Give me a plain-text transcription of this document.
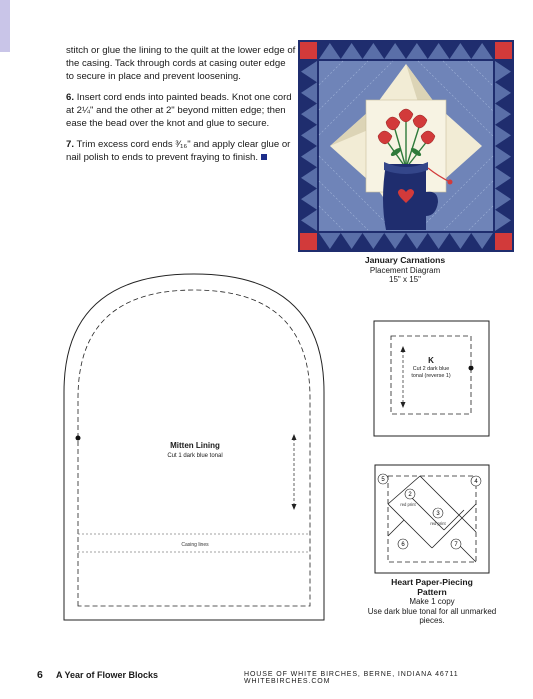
stitch or glue the lining to the quilt at the lower edge of the casing. Tack through cords at casing outer edge to secure in place and prevent loosening.

6. Insert cord ends into painted beads. Knot one cord at 2¼" and the other at 2" beyond mitten edge; then ease the bead over the knot and glue to secure.

7. Trim excess cord ends ³⁄₁₆" and apply clear glue or nail polish to ends to prevent fraying to finish.

January Carnations
Placement Diagram
15" x 15"
Mitten Lining
Cut 1 dark blue tonal
Casing lines
K
Cut 2 dark blue tonal (reverse 1)
5
2
3
4
6	7
red print
red print
Heart Paper-Piecing
Pattern
Make 1 copy
Use dark blue tonal for all unmarked pieces.
6 A Year of Flower Blocks	HOUSE OF WHITE BIRCHES, BERNE, INDIANA 46711 WHITEBIRCHES.COM
